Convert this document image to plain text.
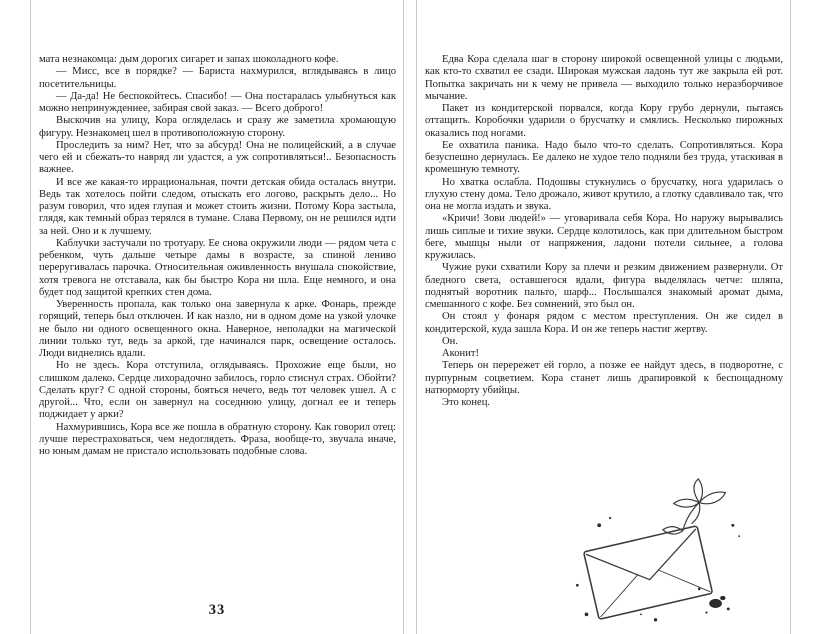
мата незнакомца: дым дорогих сигарет и запах шоколадного кофе.

— Мисс, все в порядке? — Бариста нахмурился, вглядываясь в лицо посетительницы.

— Да-да! Не беспокойтесь. Спасибо! — Она постаралась улыбнуться как можно непринужденнее, забирая свой заказ. — Всего доброго!

Выскочив на улицу, Кора огляделась и сразу же заметила хромающую фигуру. Незнакомец шел в противоположную сторону.

Проследить за ним? Нет, что за абсурд! Она не полицейский, а в случае чего ей и сбежать-то навряд ли удастся, а уж сопротивляться!.. Безопасность важнее.

И все же какая-то иррациональная, почти детская обида осталась внутри. Ведь так хотелось пойти следом, отыскать его логово, раскрыть дело... Но разум говорил, что идея глупая и может стоить жизни. Потому Кора застыла, глядя, как темный образ терялся в тумане. Слава Первому, он не решился идти за ней. Оно и к лучшему.

Каблучки застучали по тротуару. Ее снова окружили люди — рядом чета с ребенком, чуть дальше четыре дамы в возрасте, за спиной лениво переругивалась парочка. Относительная оживленность внушала спокойствие, хотя тревога не отставала, как бы быстро Кора ни шла. Еще немного, и она будет под защитой крепких стен дома.

Уверенность пропала, как только она завернула к арке. Фонарь, прежде горящий, теперь был отключен. И как назло, ни в одном доме на узкой улочке не было ни одного освещенного окна. Наверное, неполадки на магической линии только тут, ведь за аркой, где начинался парк, освещение осталось. Люди виднелись вдали.

Но не здесь. Кора отступила, оглядываясь. Прохожие еще были, но слишком далеко. Сердце лихорадочно забилось, горло стиснул страх. Обойти? Сделать круг? С одной стороны, бояться нечего, ведь тот человек ушел. А с другой... Что, если он завернул на соседнюю улицу, догнал ее и теперь поджидает у арки?

Нахмурившись, Кора все же пошла в обратную сторону. Как говорил отец: лучше перестраховаться, чем недоглядеть. Фраза, вообще-то, звучала иначе, но юным дамам не пристало использовать подобные слова.

33

Едва Кора сделала шаг в сторону широкой освещенной улицы с людьми, как кто-то схватил ее сзади. Широкая мужская ладонь тут же закрыла ей рот. Попытка закричать ни к чему не привела — выходило только неразборчивое мычание.

Пакет из кондитерской порвался, когда Кору грубо дернули, пытаясь оттащить. Коробочки ударили о брусчатку и смялись. Несколько пирожных оказались под ногами.

Ее охватила паника. Надо было что-то сделать. Сопротивляться. Кора безуспешно дернулась. Ее далеко не худое тело подняли без труда, утаскивая в кромешную темноту.

Но хватка ослабла. Подошвы стукнулись о брусчатку, нога ударилась о глухую стену дома. Тело дрожало, живот крутило, а глотку сдавливало так, что она не могла издать и звука.

«Кричи! Зови людей!» — уговаривала себя Кора. Но наружу вырывались лишь сиплые и тихие звуки. Сердце колотилось, как при длительном быстром беге, мышцы ныли от напряжения, ладони потели сильнее, а голова кружилась.

Чужие руки схватили Кору за плечи и резким движением развернули. От бледного света, оставшегося вдали, фигура выделялась четче: шляпа, поднятый воротник пальто, шарф... Послышался знакомый аромат дыма, смешанного с кофе. Без сомнений, это был он.

Он стоял у фонаря рядом с местом преступления. Он же сидел в кондитерской, куда зашла Кора. И он же теперь настиг жертву.

Он.

Аконит!

Теперь он перережет ей горло, а позже ее найдут здесь, в подворотне, с пурпурным соцветием. Кора станет лишь драпировкой к беспощадному натюрморту убийцы.

Это конец.
